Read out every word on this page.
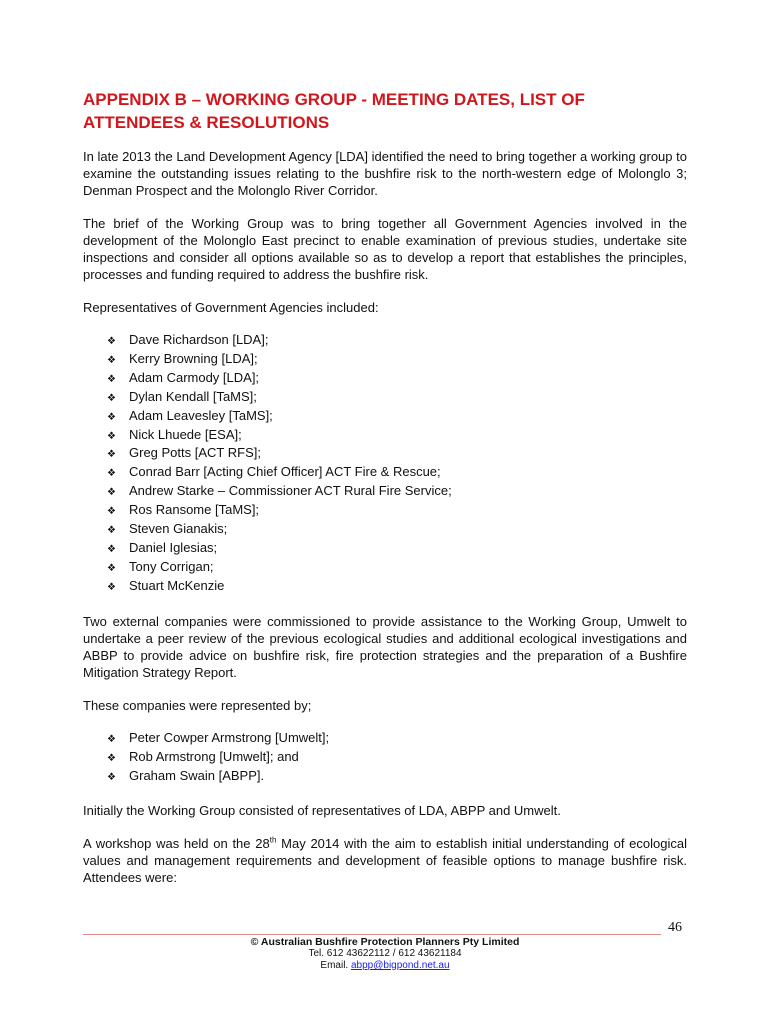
APPENDIX B – WORKING GROUP - MEETING DATES, LIST OF
ATTENDEES & RESOLUTIONS

In late 2013 the Land Development Agency [LDA] identified the need to bring together a working group to examine the outstanding issues relating to the bushfire risk to the north-western edge of Molonglo 3; Denman Prospect and the Molonglo River Corridor.

The brief of the Working Group was to bring together all Government Agencies involved in the development of the Molonglo East precinct to enable examination of previous studies, undertake site inspections and consider all options available so as to develop a report that establishes the principles, processes and funding required to address the bushfire risk.

Representatives of Government Agencies included:

❖	Dave Richardson [LDA];
❖	Kerry Browning [LDA];
❖	Adam Carmody [LDA];
❖	Dylan Kendall [TaMS];
❖	Adam Leavesley [TaMS];
❖	Nick Lhuede [ESA];
❖	Greg Potts [ACT RFS];
❖	Conrad Barr [Acting Chief Officer] ACT Fire & Rescue;
❖	Andrew Starke – Commissioner ACT Rural Fire Service;
❖	Ros Ransome [TaMS];
❖	Steven Gianakis;
❖	Daniel Iglesias;
❖	Tony Corrigan;
❖	Stuart McKenzie

Two external companies were commissioned to provide assistance to the Working Group, Umwelt to undertake a peer review of the previous ecological studies and additional ecological investigations and ABBP to provide advice on bushfire risk, fire protection strategies and the preparation of a Bushfire Mitigation Strategy Report.

These companies were represented by;

❖	Peter Cowper Armstrong [Umwelt];
❖	Rob Armstrong [Umwelt]; and
❖	Graham Swain [ABPP].

Initially the Working Group consisted of representatives of LDA, ABPP and Umwelt.

A workshop was held on the 28th May 2014 with the aim to establish initial understanding of ecological values and management requirements and development of feasible options to manage bushfire risk. Attendees were:

46
© Australian Bushfire Protection Planners Pty Limited
Tel. 612 43622112 / 612 43621184
Email. abpp@bigpond.net.au
